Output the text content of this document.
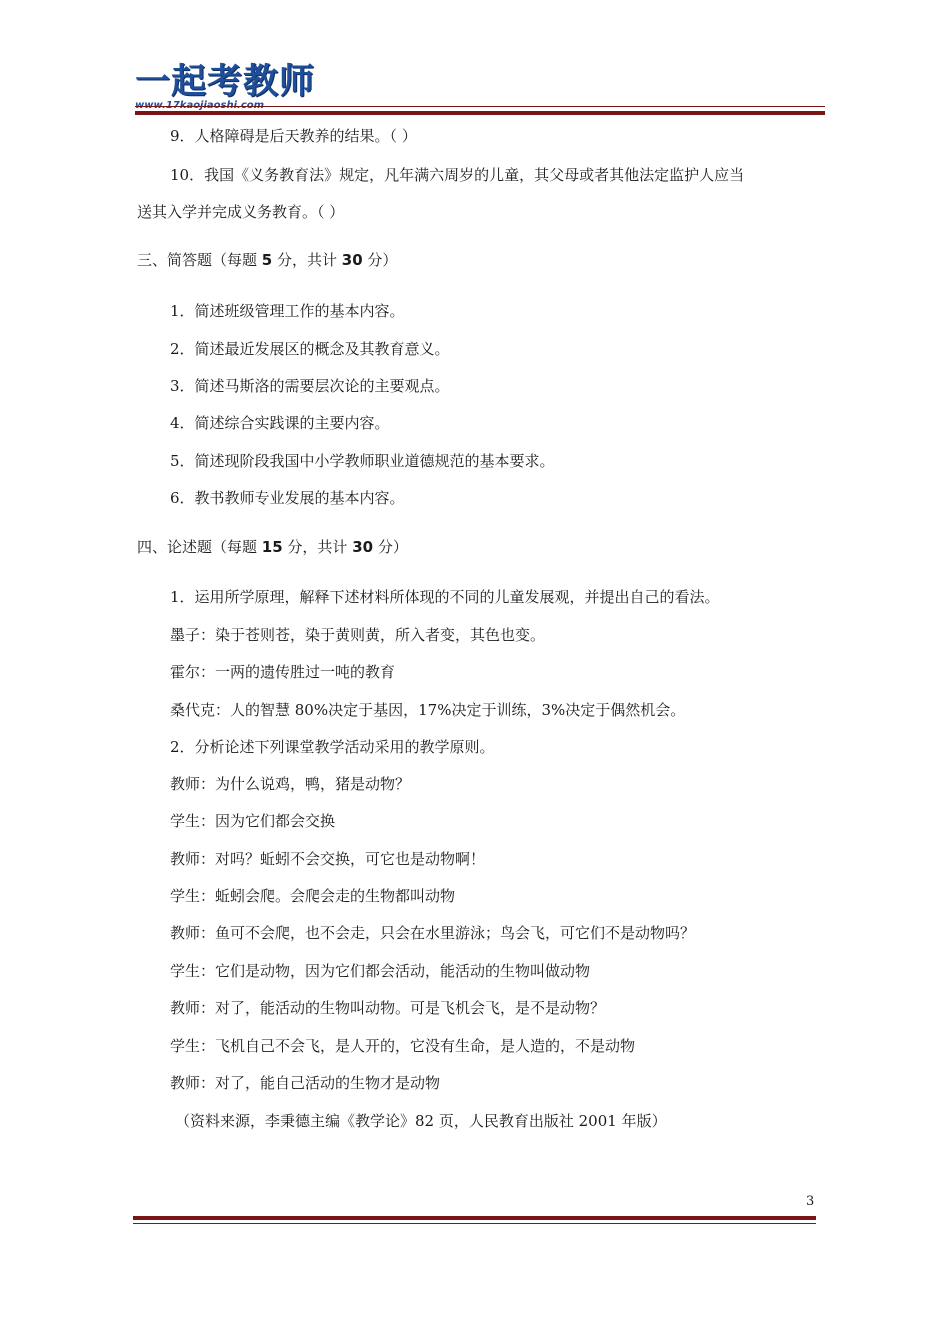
一起考教师
9．人格障碍是后天教养的结果。（ ）
10．我国《义务教育法》规定，凡年满六周岁的儿童，其父母或者其他法定监护人应当
送其入学并完成义务教育。（ ）
三、简答题（每题 5 分，共计 30 分）
1．简述班级管理工作的基本内容。
2．简述最近发展区的概念及其教育意义。
3．简述马斯洛的需要层次论的主要观点。
4．简述综合实践课的主要内容。
5．简述现阶段我国中小学教师职业道德规范的基本要求。
6．教书教师专业发展的基本内容。
四、论述题（每题 15 分，共计 30 分）
1．运用所学原理，解释下述材料所体现的不同的儿童发展观，并提出自己的看法。
墨子：染于苍则苍，染于黄则黄，所入者变，其色也变。
霍尔：一两的遗传胜过一吨的教育
桑代克：人的智慧 80%决定于基因，17%决定于训练，3%决定于偶然机会。
2．分析论述下列课堂教学活动采用的教学原则。
教师：为什么说鸡，鸭，猪是动物？
学生：因为它们都会交换
教师：对吗？蚯蚓不会交换，可它也是动物啊！
学生：蚯蚓会爬。会爬会走的生物都叫动物
教师：鱼可不会爬，也不会走，只会在水里游泳；鸟会飞，可它们不是动物吗？
学生：它们是动物，因为它们都会活动，能活动的生物叫做动物
教师：对了，能活动的生物叫动物。可是飞机会飞，是不是动物？
学生：飞机自己不会飞，是人开的，它没有生命，是人造的，不是动物
教师：对了，能自己活动的生物才是动物
（资料来源，李秉德主编《教学论》82 页，人民教育出版社 2001 年版）
3
